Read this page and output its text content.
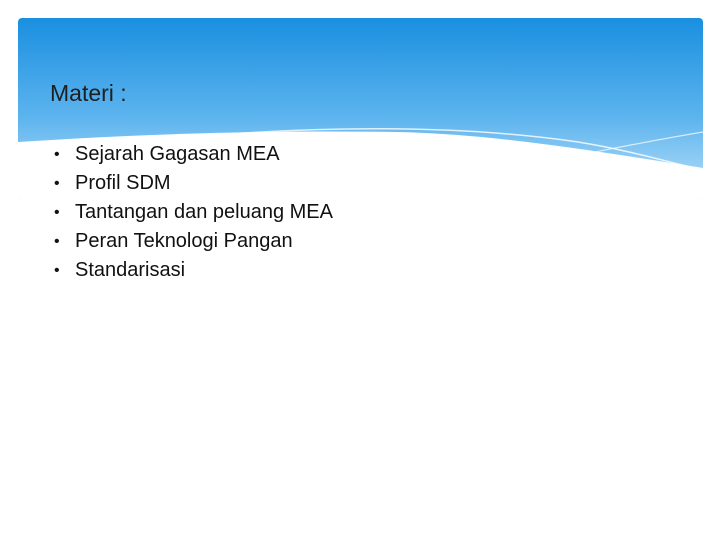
Materi :
• Sejarah Gagasan MEA
• Profil SDM
• Tantangan dan peluang MEA
• Peran Teknologi Pangan
• Standarisasi
